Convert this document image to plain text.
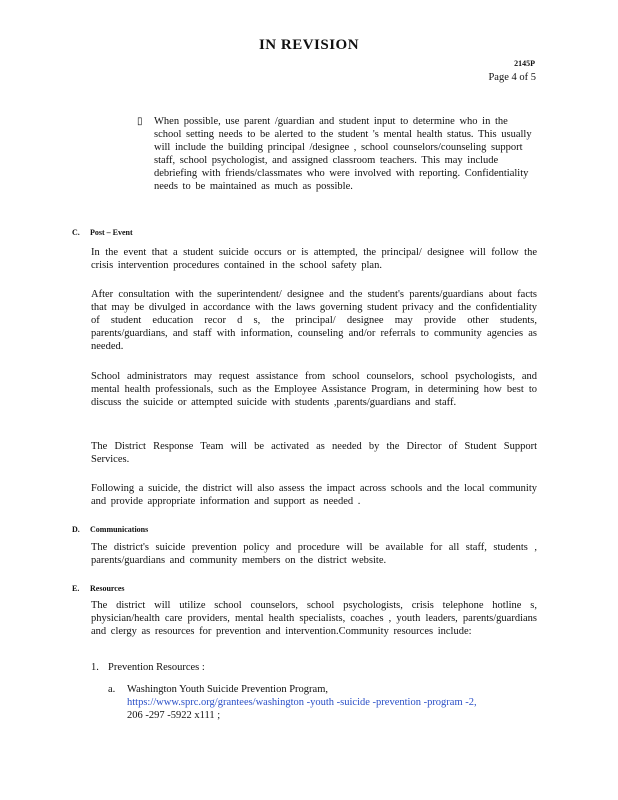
IN REVISION
2145P
Page 4 of 5
▯ When possible, use parent /guardian and student input to determine who in the school setting needs to be alerted to the student 's mental health status. This usually will include the building principal /designee , school counselors/counseling support staff, school psychologist, and assigned classroom teachers. This may include debriefing with friends/classmates who were involved with reporting. Confidentiality needs to be maintained as much as possible.
C. Post – Event
In the event that a student suicide occurs or is attempted, the principal/ designee will follow the crisis intervention procedures contained in the school safety plan.
After consultation with the superintendent/ designee and the student's parents/guardians about facts that may be divulged in accordance with the laws governing student privacy and the confidentiality of student education recor d s, the principal/ designee may provide other students, parents/guardians, and staff with information, counseling and/or referrals to community agencies as needed.
School administrators may request assistance from school counselors, school psychologists, and mental health professionals, such as the Employee Assistance Program, in determining how best to discuss the suicide or attempted suicide with students ,parents/guardians and staff.
The District Response Team will be activated as needed by the Director of Student Support Services.
Following a suicide, the district will also assess the impact across schools and the local community and provide appropriate information and support as needed .
D. Communications
The district's suicide prevention policy and procedure will be available for all staff, students , parents/guardians and community members on the district website.
E. Resources
The district will utilize school counselors, school psychologists, crisis telephone hotline s, physician/health care providers, mental health specialists, coaches , youth leaders, parents/guardians and clergy as resources for prevention and intervention.Community resources include:
1. Prevention Resources :
a. Washington Youth Suicide Prevention Program,
https://www.sprc.org/grantees/washington -youth -suicide -prevention -program -2,
206 -297 -5922 x111 ;
